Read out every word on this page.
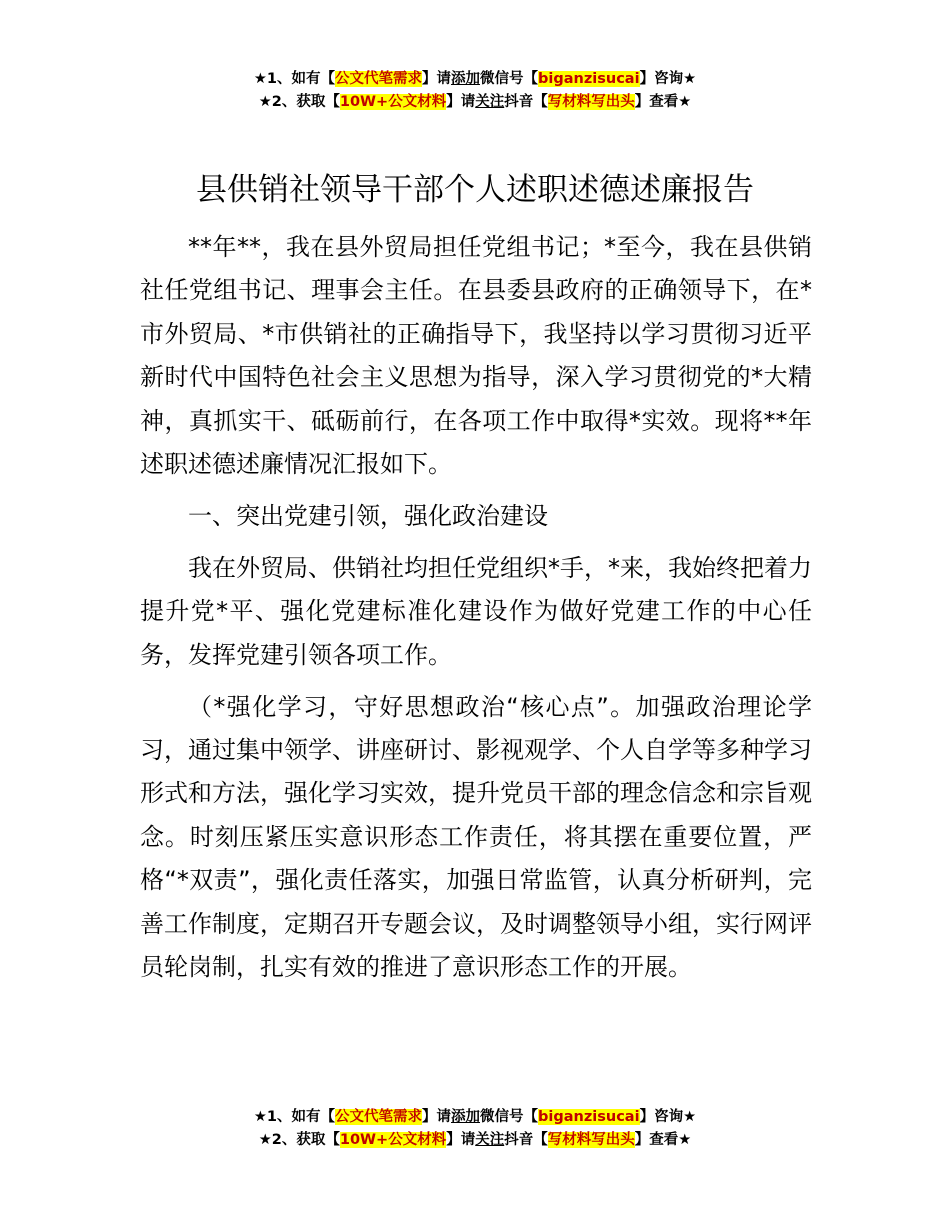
★1、如有【公文代笔需求】请添加微信号【biganzisucai】咨询★
★2、获取【10W+公文材料】请关注抖音【写材料写出头】查看★
县供销社领导干部个人述职述德述廉报告

**年**，我在县外贸局担任党组书记；*至今，我在县供销社任党组书记、理事会主任。在县委县政府的正确领导下，在*市外贸局、*市供销社的正确指导下，我坚持以学习贯彻习近平新时代中国特色社会主义思想为指导，深入学习贯彻党的*大精神，真抓实干、砥砺前行，在各项工作中取得*实效。现将**年述职述德述廉情况汇报如下。

一、突出党建引领，强化政治建设

我在外贸局、供销社均担任党组织*手，*来，我始终把着力提升党*平、强化党建标准化建设作为做好党建工作的中心任务，发挥党建引领各项工作。

（*强化学习，守好思想政治“核心点”。加强政治理论学习，通过集中领学、讲座研讨、影视观学、个人自学等多种学习形式和方法，强化学习实效，提升党员干部的理念信念和宗旨观念。时刻压紧压实意识形态工作责任，将其摆在重要位置，严格“*双责”，强化责任落实，加强日常监管，认真分析研判，完善工作制度，定期召开专题会议，及时调整领导小组，实行网评员轮岗制，扎实有效的推进了意识形态工作的开展。

★1、如有【公文代笔需求】请添加微信号【biganzisucai】咨询★
★2、获取【10W+公文材料】请关注抖音【写材料写出头】查看★
